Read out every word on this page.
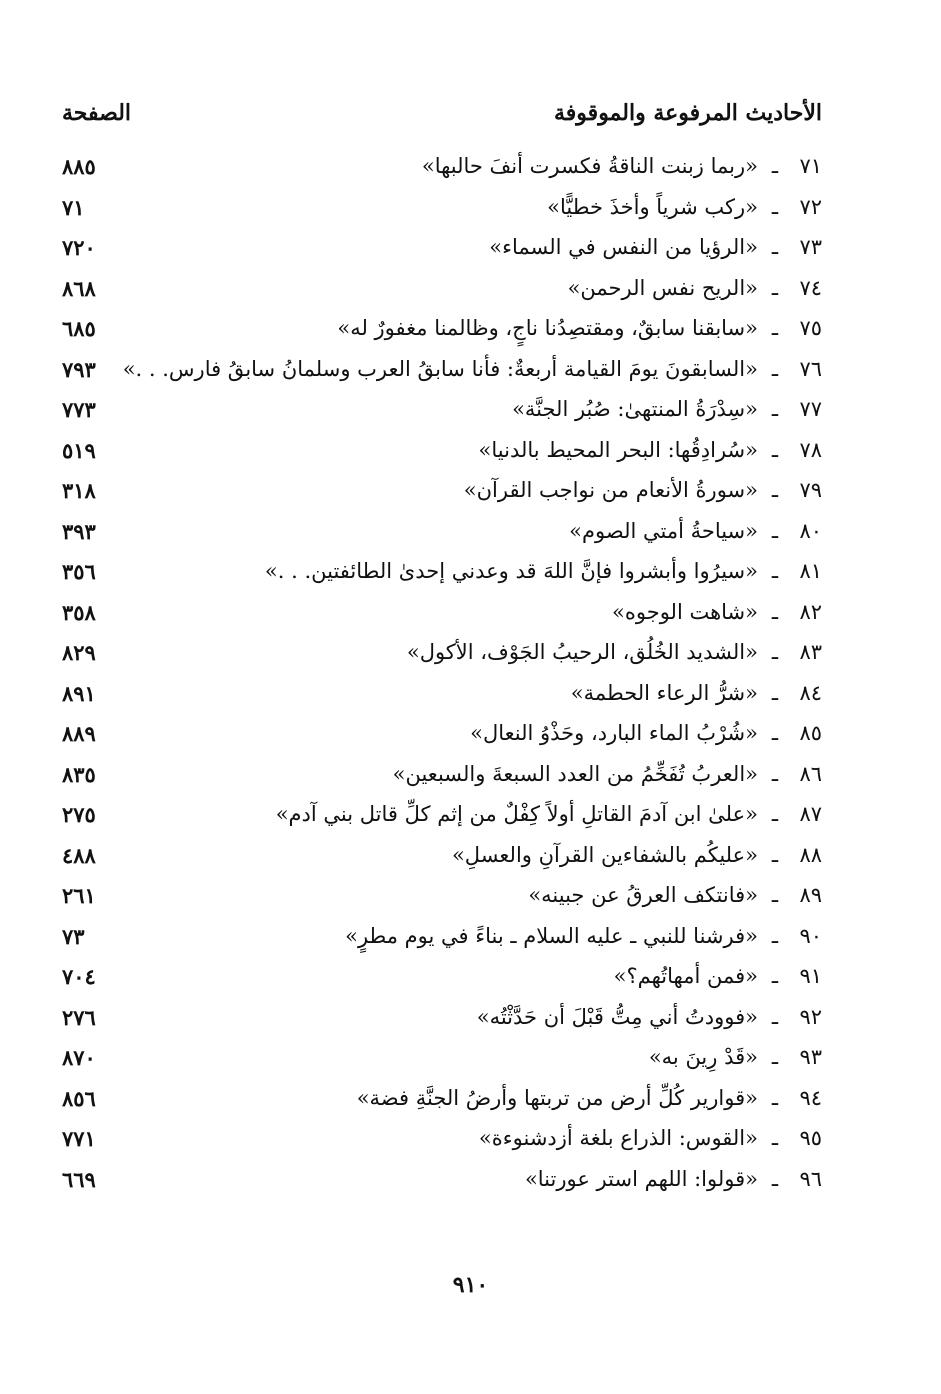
الأحاديث المرفوعة والموقوفة
الصفحة
٧١
ـ
«ربما زبنت الناقةُ فكسرت أنفَ حالبها»
٨٨٥
٧٢
ـ
«ركب شرياً وأخذَ خطيًّا»
٧١
٧٣
ـ
«الرؤيا من النفس في السماء»
٧٢٠
٧٤
ـ
«الريح نفس الرحمن»
٨٦٨
٧٥
ـ
«سابقنا سابقٌ، ومقتصِدُنا ناجٍ، وظالمنا مغفورٌ له»
٦٨٥
٧٦
ـ
«السابقونَ يومَ القيامة أربعةٌ: فأنا سابقُ العرب وسلمانُ سابقُ فارس. . .»
٧٩٣
٧٧
ـ
«سِدْرَةُ المنتهىٰ: صُبُر الجنَّة»
٧٧٣
٧٨
ـ
«سُرادِقُها: البحر المحيط بالدنيا»
٥١٩
٧٩
ـ
«سورةُ الأنعام من نواجب القرآن»
٣١٨
٨٠
ـ
«سياحةُ أمتي الصوم»
٣٩٣
٨١
ـ
«سيرُوا وأبشروا فإنَّ اللهَ قد وعدني إحدىٰ الطائفتين. . .»
٣٥٦
٨٢
ـ
«شاهت الوجوه»
٣٥٨
٨٣
ـ
«الشديد الخُلُق، الرحيبُ الجَوْف، الأكول»
٨٢٩
٨٤
ـ
«شرُّ الرعاء الحطمة»
٨٩١
٨٥
ـ
«شُرْبُ الماء البارد، وحَذْوُ النعال»
٨٨٩
٨٦
ـ
«العربُ تُفَخِّمُ من العدد السبعةَ والسبعين»
٨٣٥
٨٧
ـ
«علىٰ ابن آدمَ القاتلِ أولاً كِفْلٌ من إثم كلِّ قاتل بني آدم»
٢٧٥
٨٨
ـ
«عليكُم بالشفاءين القرآنِ والعسلِ»
٤٨٨
٨٩
ـ
«فانتكف العرقُ عن جبينه»
٢٦١
٩٠
ـ
«فرشنا للنبي ـ عليه السلام ـ بناءً في يوم مطرٍ»
٧٣
٩١
ـ
«فمن أمهاتُهم؟»
٧٠٤
٩٢
ـ
«فوودتُ أني مِتُّ قَبْلَ أن حَدَّثْتُه»
٢٧٦
٩٣
ـ
«قَدْ رِينَ به»
٨٧٠
٩٤
ـ
«قوارير كُلِّ أرض من تربتها وأرضُ الجنَّةِ فضة»
٨٥٦
٩٥
ـ
«القوس: الذراع بلغة أزدشنوءة»
٧٧١
٩٦
ـ
«قولوا: اللهم استر عورتنا»
٦٦٩
٩١٠
